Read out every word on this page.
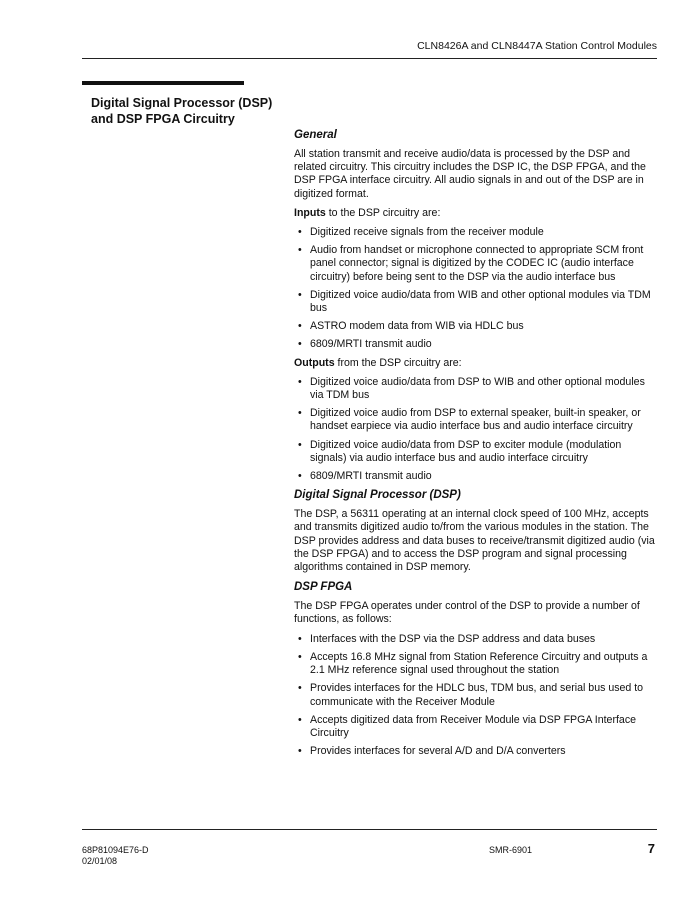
CLN8426A and CLN8447A Station Control Modules
Digital Signal Processor (DSP)
and DSP FPGA Circuitry
General

All station transmit and receive audio/data is processed by the DSP and related circuitry. This circuitry includes the DSP IC, the DSP FPGA, and the DSP FPGA interface circuitry. All audio signals in and out of the DSP are in digitized format.

Inputs to the DSP circuitry are:

• Digitized receive signals from the receiver module
• Audio from handset or microphone connected to appropriate SCM front panel connector; signal is digitized by the CODEC IC (audio interface circuitry) before being sent to the DSP via the audio interface bus
• Digitized voice audio/data from WIB and other optional modules via TDM bus
• ASTRO modem data from WIB via HDLC bus
• 6809/MRTI transmit audio

Outputs from the DSP circuitry are:

• Digitized voice audio/data from DSP to WIB and other optional modules via TDM bus
• Digitized voice audio from DSP to external speaker, built-in speaker, or handset earpiece via audio interface bus and audio interface circuitry
• Digitized voice audio/data from DSP to exciter module (modulation signals) via audio interface bus and audio interface circuitry
• 6809/MRTI transmit audio
Digital Signal Processor (DSP)

The DSP, a 56311 operating at an internal clock speed of 100 MHz, accepts and transmits digitized audio to/from the various modules in the station. The DSP provides address and data buses to receive/transmit digitized audio (via the DSP FPGA) and to access the DSP program and signal processing algorithms contained in DSP memory.

DSP FPGA

The DSP FPGA operates under control of the DSP to provide a number of functions, as follows:

• Interfaces with the DSP via the DSP address and data buses
• Accepts 16.8 MHz signal from Station Reference Circuitry and outputs a 2.1 MHz reference signal used throughout the station
• Provides interfaces for the HDLC bus, TDM bus, and serial bus used to communicate with the Receiver Module
• Accepts digitized data from Receiver Module via DSP FPGA Interface Circuitry
• Provides interfaces for several A/D and D/A converters
68P81094E76-D
02/01/08
SMR-6901	7
